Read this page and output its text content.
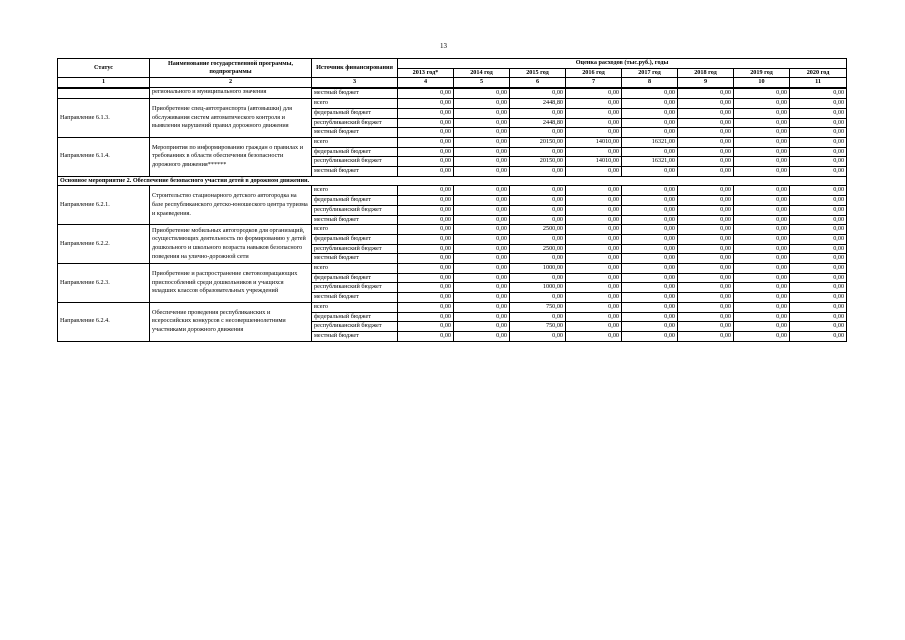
13
Статус	Наименование государственной программы, подпрограммы	Источник финансирования	Оценка расходов (тыс.руб.), годы							
			2013 год*	2014 год	2015 год	2016 год	2017 год	2018 год	2019 год	2020 год
1	2	3	4	5	6	7	8	9	10	11
	регионального и муниципального значения									
		местный бюджет	0,00	0,00	0,00	0,00	0,00	0,00	0,00	0,00
Направление 6.1.3.	Приобретение спец-автотранспорта (автовышки) для обслуживания систем автоматического контроля и выявления нарушений правил дорожного движения	всего	0,00	0,00	2448,80	0,00	0,00	0,00	0,00	0,00
		федеральный бюджет	0,00	0,00	0,00	0,00	0,00	0,00	0,00	0,00
		республиканский бюджет	0,00	0,00	2448,80	0,00	0,00	0,00	0,00	0,00
		местный бюджет	0,00	0,00	0,00	0,00	0,00	0,00	0,00	0,00
Направление 6.1.4.	Мероприятия по информированию граждан о правилах и требованиях в области обеспечения безопасности дорожного движения******	всего	0,00	0,00	20150,00	14010,00	16321,00	0,00	0,00	0,00
		федеральный бюджет	0,00	0,00	0,00	0,00	0,00	0,00	0,00	0,00
		республиканский бюджет	0,00	0,00	20150,00	14010,00	16321,00	0,00	0,00	0,00
		местный бюджет	0,00	0,00	0,00	0,00	0,00	0,00	0,00	0,00
Основное мероприятие 2. Обеспечение безопасного участия детей в дорожном движении.										
Направление 6.2.1.	Строительство стационарного детского автогородка на базе республиканского детско-юношеского центра туризма и краеведения.	всего	0,00	0,00	0,00	0,00	0,00	0,00	0,00	0,00
		федеральный бюджет	0,00	0,00	0,00	0,00	0,00	0,00	0,00	0,00
		республиканский бюджет	0,00	0,00	0,00	0,00	0,00	0,00	0,00	0,00
		местный бюджет	0,00	0,00	0,00	0,00	0,00	0,00	0,00	0,00
Направление 6.2.2.	Приобретение мобильных автогородков для организаций, осуществляющих деятельность по формированию у детей дошкольного и школьного возраста навыков безопасного поведения на улично-дорожной сети	всего	0,00	0,00	2500,00	0,00	0,00	0,00	0,00	0,00
		федеральный бюджет	0,00	0,00	0,00	0,00	0,00	0,00	0,00	0,00
		республиканский бюджет	0,00	0,00	2500,00	0,00	0,00	0,00	0,00	0,00
		местный бюджет	0,00	0,00	0,00	0,00	0,00	0,00	0,00	0,00
Направление 6.2.3.	Приобретение и распространение световозвращающих приспособлений среди дошкольников и учащихся младших классов образовательных учреждений	всего	0,00	0,00	1000,00	0,00	0,00	0,00	0,00	0,00
		федеральный бюджет	0,00	0,00	0,00	0,00	0,00	0,00	0,00	0,00
		республиканский бюджет	0,00	0,00	1000,00	0,00	0,00	0,00	0,00	0,00
		местный бюджет	0,00	0,00	0,00	0,00	0,00	0,00	0,00	0,00
Направление 6.2.4.	Обеспечение проведения республиканских и всероссийских конкурсов с несовершеннолетними участниками дорожного движения	всего	0,00	0,00	750,00	0,00	0,00	0,00	0,00	0,00
		федеральный бюджет	0,00	0,00	0,00	0,00	0,00	0,00	0,00	0,00
		республиканский бюджет	0,00	0,00	750,00	0,00	0,00	0,00	0,00	0,00
		местный бюджет	0,00	0,00	0,00	0,00	0,00	0,00	0,00	0,00
